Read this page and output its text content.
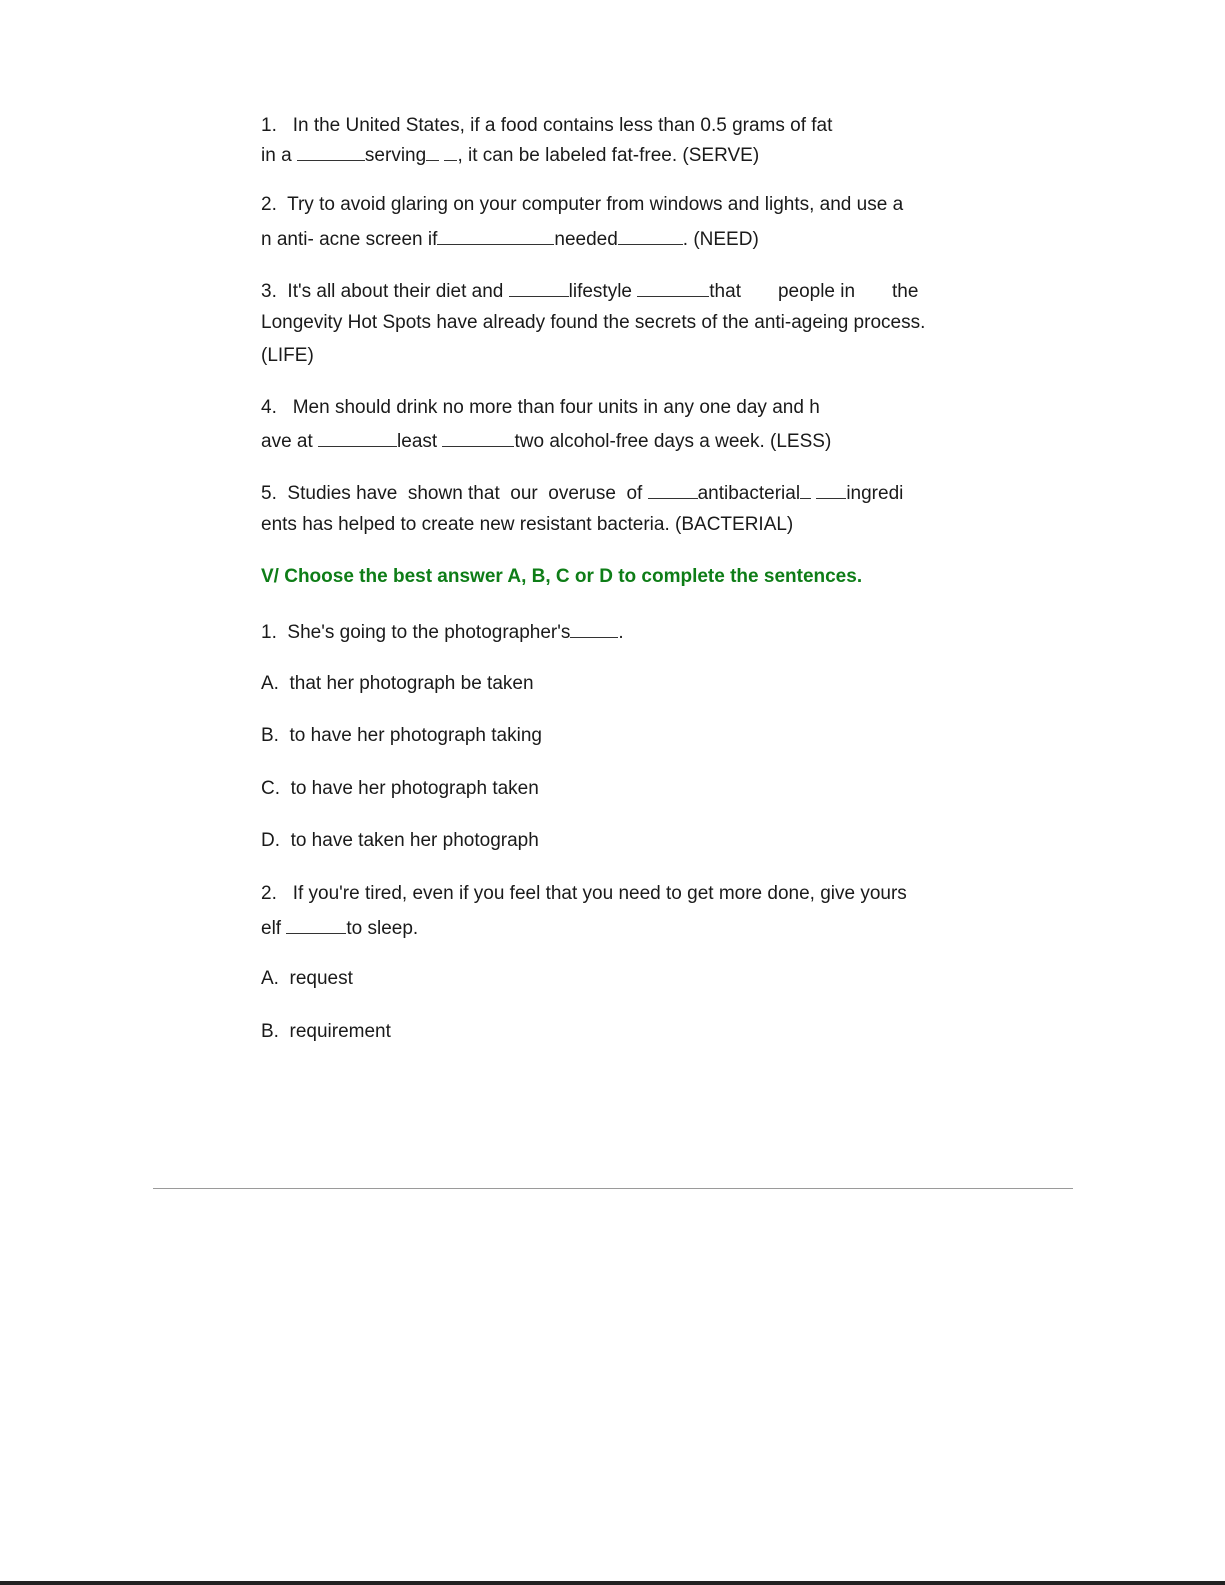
1. In the United States, if a food contains less than 0.5 grams of fat
in a	serving , it can be labeled fat-free. (SERVE)
2. Try to avoid glaring on your computer from windows and lights, and use a
n anti- acne screen if	needed	. (NEED)
3. It's all about their diet and	lifestyle	that people in the
Longevity Hot Spots have already found the secrets of the anti-ageing process.
(LIFE)
4. Men should drink no more than four units in any one day and h
ave at	least	two alcohol-free days a week. (LESS)
5. Studies have  shown that  our  overuse  of	antibacterial ingredi
ents has helped to create new resistant bacteria. (BACTERIAL)
V/ Choose the best answer A, B, C or D to complete the sentences.
1. She's going to the photographer's	.
A. that her photograph be taken
B. to have her photograph taking
C. to have her photograph taken
D. to have taken her photograph
2. If you're tired, even if you feel that you need to get more done, give yours
elf	to sleep.
A. request
B. requirement
